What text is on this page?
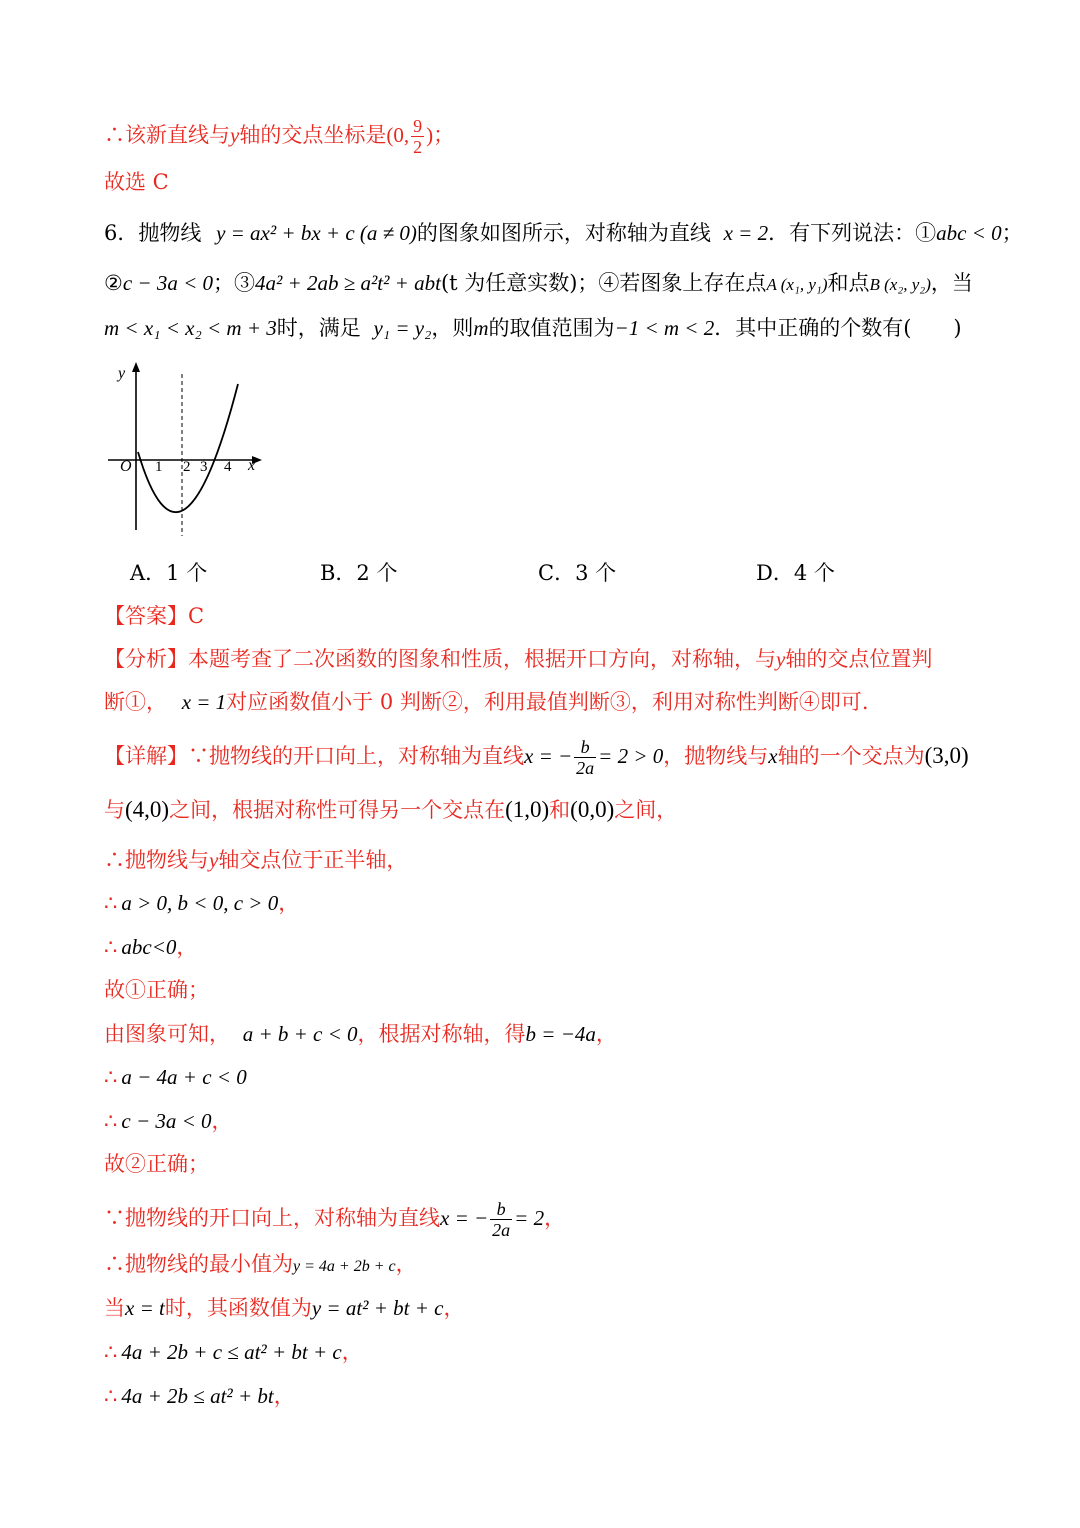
∴该新直线与y轴的交点坐标是(0, $\frac{9}{2}$ )；
故选 C
6．抛物线 y = ax² + bx + c (a ≠ 0)的图象如图所示，对称轴为直线 x = 2．有下列说法：①abc < 0；
②c − 3a < 0；③4a² + 2ab ≥ a²t² + abt(t 为任意实数)；④若图象上存在点A (x₁, y₁)和点B (x₂, y₂)，当
m < x₁ < x₂ < m + 3时，满足 y₁ = y₂，则m的取值范围为−1 < m < 2．其中正确的个数有(　　)
y
x
O 1 2 3 4
A．1 个	B．2 个	C．3 个	D．4 个
【答案】C
【分析】本题考查了二次函数的图象和性质，根据开口方向，对称轴，与y轴的交点位置判
断①， x = 1对应函数值小于 0 判断②，利用最值判断③，利用对称性判断④即可.
【详解】∵抛物线的开口向上，对称轴为直线x = − $\frac{b}{2a} = 2 > 0$，抛物线与x轴的一个交点为(3,0)
与(4,0)之间，根据对称性可得另一个交点在(1,0)和(0,0)之间，
∴抛物线与y轴交点位于正半轴，
∴ a > 0, b < 0, c > 0，
∴ abc<0，
故①正确；
由图象可知， a + b + c < 0，根据对称轴，得b = −4a，
∴ a − 4a + c < 0
∴ c − 3a < 0，
故②正确；
∵抛物线的开口向上，对称轴为直线x = − $\frac{b}{2a} = 2$，
∴抛物线的最小值为y = 4a + 2b + c，
当x = t时，其函数值为y = at² + bt + c，
∴ 4a + 2b + c ≤ at² + bt + c，
∴ 4a + 2b ≤ at² + bt，
